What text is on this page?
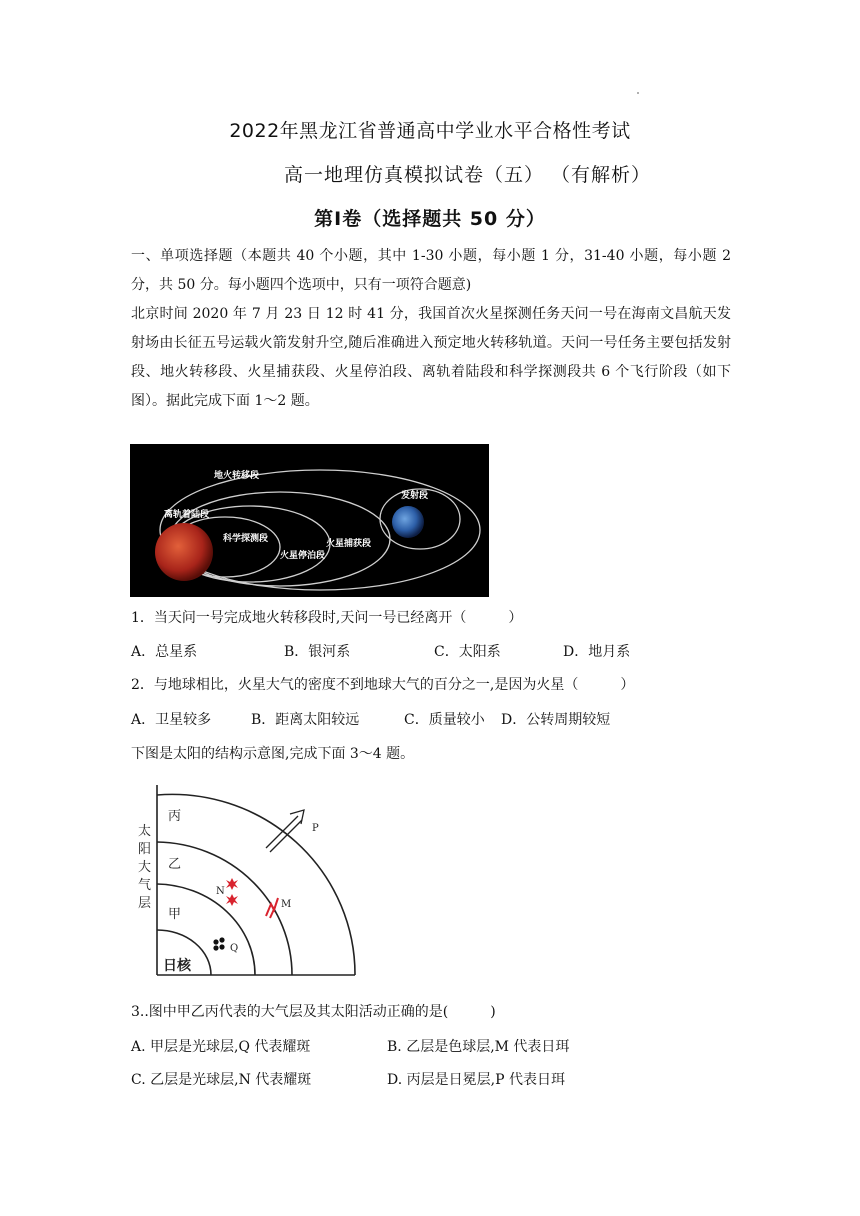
2022年黑龙江省普通高中学业水平合格性考试
高一地理仿真模拟试卷（五） （有解析）
第Ⅰ卷（选择题共 50 分）
一、单项选择题（本题共 40 个小题，其中 1-30 小题，每小题 1 分，31-40 小题，每小题 2 分，共 50 分。每小题四个选项中，只有一项符合题意)
北京时间 2020 年 7 月 23 日 12 时 41 分，我国首次火星探测任务天问一号在海南文昌航天发射场由长征五号运载火箭发射升空,随后准确进入预定地火转移轨道。天问一号任务主要包括发射段、地火转移段、火星捕获段、火星停泊段、离轨着陆段和科学探测段共 6 个飞行阶段（如下图）。据此完成下面 1～2 题。
地火转移段
发射段
离轨着陆段
科学探测段	火星捕获段
火星停泊段
1．当天问一号完成地火转移段时,天问一号已经离开（　　　）
A．总星系	B．银河系	C．太阳系	D．地月系
2．与地球相比，火星大气的密度不到地球大气的百分之一,是因为火星（　　　）
A．卫星较多	B．距离太阳较远	C．质量较小 D．公转周期较短
下图是太阳的结构示意图,完成下面 3～4 题。
太
阳
大
气
层
丙
乙
甲
日核
P
N
M
Q
3..图中甲乙丙代表的大气层及其太阳活动正确的是(　　　)
A. 甲层是光球层,Q 代表耀斑	B. 乙层是色球层,M 代表日珥
C. 乙层是光球层,N 代表耀斑	D. 丙层是日冕层,P 代表日珥
